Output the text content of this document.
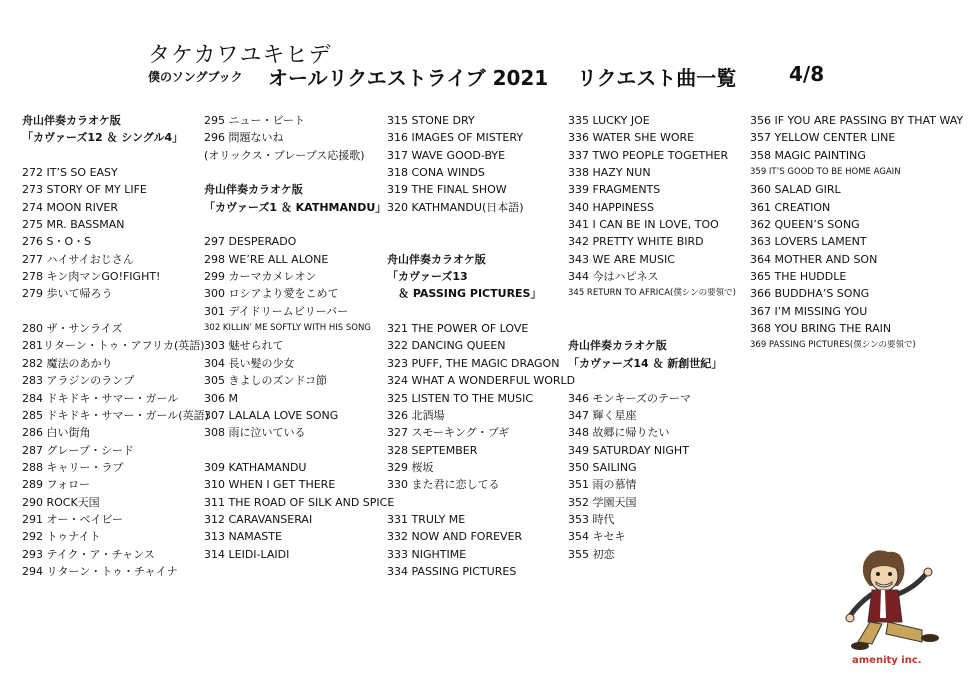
タケカワユキヒデ
僕のソングブック オールリクエストライブ 2021 リクエスト曲一覧	4/8
舟山伴奏カラオケ版
「カヴァーズ12 ＆ シングル4」
272 IT’S SO EASY
273 STORY OF MY LIFE
274 MOON RIVER
275 MR. BASSMAN
276 S・O・S
277 ハイサイおじさん
278 キン肉マンGO!FIGHT!
279 歩いて帰ろう
280 ザ・サンライズ
281リターン・トゥ・アフリカ(英語)
282 魔法のあかり
283 アラジンのランプ
284 ドキドキ・サマー・ガール
285 ドキドキ・サマー・ガール(英語)
286 白い街角
287 グレープ・シード
288 キャリー・ラブ
289 フォロー
290 ROCK天国
291 オー・ベイビー
292 トゥナイト
293 テイク・ア・チャンス
294 リターン・トゥ・チャイナ
295 ニュー・ビート
296 問題ないね
(オリックス・ブレーブス応援歌)
舟山伴奏カラオケ版
「カヴァーズ1 ＆ KATHMANDU」
297 DESPERADO
298 WE’RE ALL ALONE
299 カーマカメレオン
300 ロシアより愛をこめて
301 デイドリームビリーバー
302 KILLIN’ ME SOFTLY WITH HIS SONG
303 魅せられて
304 長い髪の少女
305 きよしのズンドコ節
306 M
307 LALALA LOVE SONG
308 雨に泣いている
309 KATHAMANDU
310 WHEN I GET THERE
311 THE ROAD OF SILK AND SPICE
312 CARAVANSERAI
313 NAMASTE
314 LEIDI-LAIDI
315 STONE DRY
316 IMAGES OF MISTERY
317 WAVE GOOD-BYE
318 CONA WINDS
319 THE FINAL SHOW
320 KATHMANDU(日本語)
舟山伴奏カラオケ版
「カヴァーズ13
　＆ PASSING PICTURES」
321 THE POWER OF LOVE
322 DANCING QUEEN
323 PUFF, THE MAGIC DRAGON
324 WHAT A WONDERFUL WORLD
325 LISTEN TO THE MUSIC
326 北酒場
327 スモーキング・ブギ
328 SEPTEMBER
329 桜坂
330 また君に恋してる
331 TRULY ME
332 NOW AND FOREVER
333 NIGHTIME
334 PASSING PICTURES
335 LUCKY JOE
336 WATER SHE WORE
337 TWO PEOPLE TOGETHER
338 HAZY NUN
339 FRAGMENTS
340 HAPPINESS
341 I CAN BE IN LOVE, TOO
342 PRETTY WHITE BIRD
343 WE ARE MUSIC
344 今はハピネス
345 RETURN TO AFRICA(僕シンの要領で)
舟山伴奏カラオケ版
「カヴァーズ14 ＆ 新創世紀」
346 モンキーズのテーマ
347 輝く星座
348 故郷に帰りたい
349 SATURDAY NIGHT
350 SAILING
351 雨の慕情
352 学園天国
353 時代
354 キセキ
355 初恋
356 IF YOU ARE PASSING BY THAT WAY
357 YELLOW CENTER LINE
358 MAGIC PAINTING
359 IT’S GOOD TO BE HOME AGAIN
360 SALAD GIRL
361 CREATION
362 QUEEN’S SONG
363 LOVERS LAMENT
364 MOTHER AND SON
365 THE HUDDLE
366 BUDDHA’S SONG
367 I’M MISSING YOU
368 YOU BRING THE RAIN
369 PASSING PICTURES(僕シンの要領で)
amenity inc.
